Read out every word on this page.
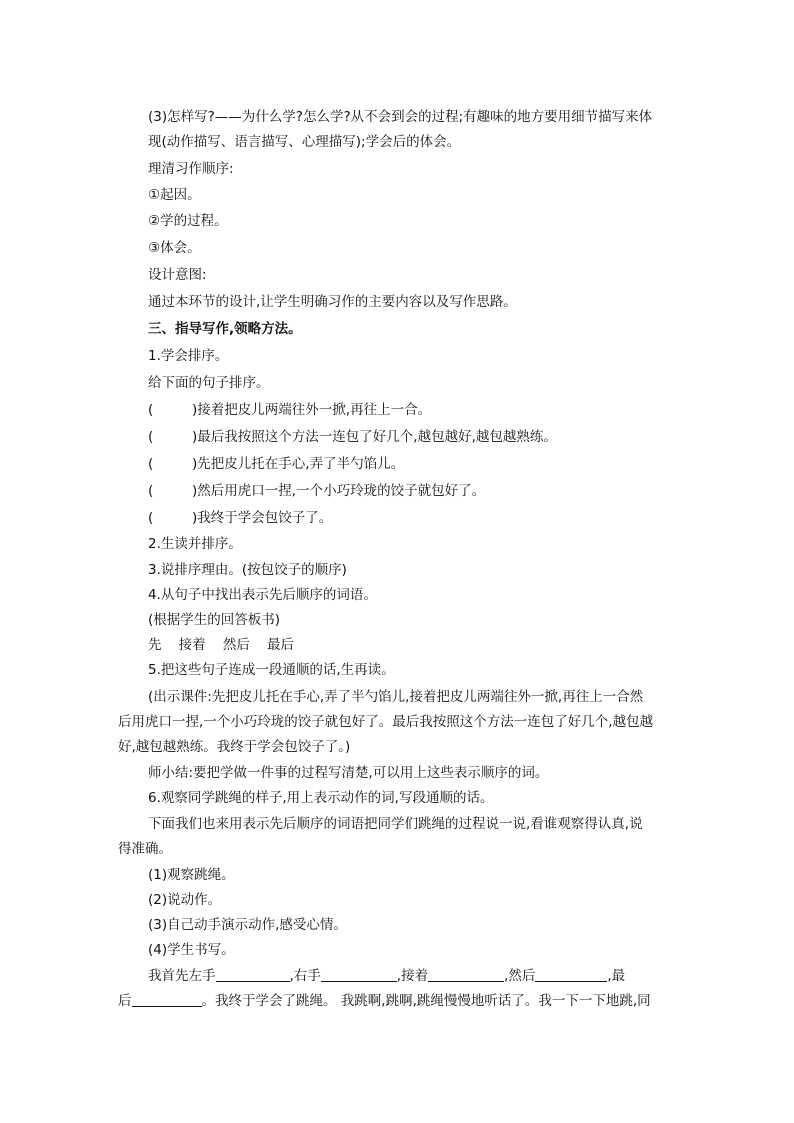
(3)怎样写?——为什么学?怎么学?从不会到会的过程;有趣味的地方要用细节描写来体
现(动作描写、语言描写、心理描写);学会后的体会。
理清习作顺序:
①起因。
②学的过程。
③体会。
设计意图:
通过本环节的设计,让学生明确习作的主要内容以及写作思路。
三、指导写作,领略方法。
1.学会排序。
给下面的句子排序。
(	)接着把皮儿两端往外一掀,再往上一合。
(	)最后我按照这个方法一连包了好几个,越包越好,越包越熟练。
(	)先把皮儿托在手心,弄了半勺馅儿。
(	)然后用虎口一捏,一个小巧玲珑的饺子就包好了。
(	)我终于学会包饺子了。
2.生读并排序。
3.说排序理由。(按包饺子的顺序)
4.从句子中找出表示先后顺序的词语。
(根据学生的回答板书)
先    接着    然后    最后
5.把这些句子连成一段通顺的话,生再读。
(出示课件:先把皮儿托在手心,弄了半勺馅儿,接着把皮儿两端往外一掀,再往上一合然
后用虎口一捏,一个小巧玲珑的饺子就包好了。最后我按照这个方法一连包了好几个,越包越
好,越包越熟练。我终于学会包饺子了。)
师小结:要把学做一件事的过程写清楚,可以用上这些表示顺序的词。
6.观察同学跳绳的样子,用上表示动作的词,写段通顺的话。
下面我们也来用表示先后顺序的词语把同学们跳绳的过程说一说,看谁观察得认真,说
得准确。
(1)观察跳绳。
(2)说动作。
(3)自己动手演示动作,感受心情。
(4)学生书写。
我首先左手	,右手	,接着	,然后	,最
后	。我终于学会了跳绳。 我跳啊,跳啊,跳绳慢慢地听话了。我一下一下地跳,同
